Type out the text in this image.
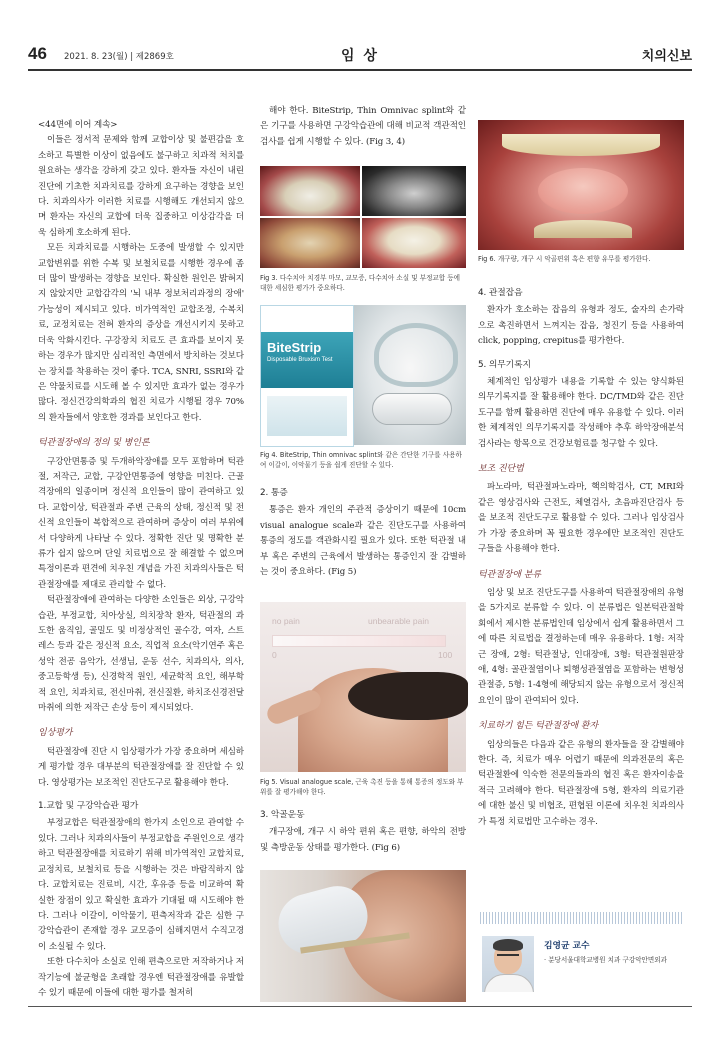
46 2021. 8. 23(월) | 제2869호	임 상	치의신보

<44면에 이어 계속>

이들은 정서적 문제와 함께 교합이상 및 불편감을 호소하고 특별한 이상이 없음에도 불구하고 치과적 처치를 원요하는 생각을 강하게 갖고 있다. 환자들 자신이 내린 진단에 기초한 치과치료를 강하게 요구하는 경향을 보인다. 치과의사가 이러한 치료를 시행해도 개선되지 않으며 환자는 자신의 교합에 더욱 집중하고 이상감각을 더욱 심하게 호소하게 된다.

모든 치과치료를 시행하는 도중에 발생할 수 있지만 교합변위를 위한 수복 및 보철치료를 시행한 경우에 좀 더 많이 발생하는 경향을 보인다. 확실한 원인은 밝혀지지 않았지만 교합감각의 '뇌 내부 정보처리과정의 장애' 가능성이 제시되고 있다. 비가역적인 교합조정, 수복치료, 교정치료는 전혀 환자의 증상을 개선시키지 못하고 더욱 악화시킨다. 구강장치 치료도 큰 효과를 보이지 못하는 경우가 많지만 심리적인 측면에서 방치하는 것보다는 장치를 착용하는 것이 좋다. TCA, SNRI, SSRI와 같은 약물치료를 시도해 볼 수 있지만 효과가 없는 경우가 많다. 정신건강의학과의 협진 치료가 시행될 경우 70%의 환자들에서 양호한 경과를 보인다고 한다.

턱관절장애의 정의 및 병인론

구강안면통증 및 두개하악장애를 모두 포함하며 턱관절, 저작근, 교합, 구강안면통증에 영향을 미친다. 근골격장애의 일종이며 정신적 요인들이 많이 관여하고 있다. 교합이상, 턱관절과 주변 근육의 상태, 정신적 및 전신적 요인들이 복합적으로 관여하며 증상이 여러 부위에서 다양하게 나타날 수 있다. 정확한 진단 및 명확한 분류가 쉽지 않으며 단일 치료법으로 잘 해결할 수 없으며 특정이론과 편견에 치우친 개념을 가진 치과의사들은 턱관절장애를 제대로 관리할 수 없다.

턱관절장애에 관여하는 다양한 소인들은 외상, 구강악습관, 부정교합, 치아상실, 의치장착 환자, 턱관절의 과도한 움직임, 골밀도 및 비정상적인 골수강, 여자, 스트레스 등과 같은 정신적 요소, 직업적 요소(악기연주 혹은 성악 전공 음악가, 선생님, 운동 선수, 치과의사, 의사, 중고등학생 등), 신경학적 원인, 세균학적 요인, 해부학적 요인, 치과치료, 전신마취, 전신질환, 하치조신경전달마취에 의한 저작근 손상 등이 제시되었다.

임상평가

턱관절장애 진단 시 임상평가가 가장 중요하며 세심하게 평가할 경우 대부분의 턱관절장애를 잘 진단할 수 있다. 영상평가는 보조적인 진단도구로 활용해야 한다.

1.교합 및 구강악습관 평가

부정교합은 턱관절장애의 한가지 소인으로 관여할 수 있다. 그러나 치과의사들이 부정교합을 주원인으로 생각하고 턱관절장애를 치료하기 위해 비가역적인 교합치료, 교정치료, 보철치료 등을 시행하는 것은 바람직하지 않다. 교합치료는 진료비, 시간, 후유증 등을 비교하여 확실한 장점이 있고 확실한 효과가 기대될 때 시도해야 한다. 그러나 이갈이, 이악물기, 편측저작과 같은 심한 구강악습관이 존재할 경우 교모증이 심해지면서 수직고경이 소실될 수 있다.

또한 다수치아 소실로 인해 편측으로만 저작하거나 저작기능에 불균형을 초래할 경우엔 턱관절장애를 유발할 수 있기 때문에 이들에 대한 평가를 철저히

해야 한다. BiteStrip, Thin Omnivac splint와 같은 기구를 사용하면 구강악습관에 대해 비교적 객관적인 검사를 쉽게 시행할 수 있다. (Fig 3, 4)

Fig 3. 다수치아 치경부 마모, 교모증, 다수치아 소실 및 부정교합 등에 대한 세심한 평가가 중요하다.
BiteStrip
Disposable Bruxism Test
Fig 4. BiteStrip, Thin omnivac splint와 같은 간단한 기구를 사용하여 이갈이, 이악물기 등을 쉽게 진단할 수 있다.
2. 통증

통증은 환자 개인의 주관적 증상이기 때문에 10cm visual analogue scale과 같은 진단도구를 사용하여 통증의 정도를 객관화시킬 필요가 있다. 또한 턱관절 내부 혹은 주변의 근육에서 발생하는 통증인지 잘 감별하는 것이 중요하다. (Fig 5)

no pain	unbearable pain
0	100
Fig 5. Visual analogue scale, 근육 촉진 등을 통해 통증의 정도와 부위를 잘 평가해야 한다.
3. 악골운동

개구장애, 개구 시 하악 편위 혹은 편향, 하악의 전방 및 측방운동 상태를 평가한다. (Fig 6)

Fig 6. 개구량, 개구 시 악골편위 혹은 편향 유무를 평가한다.
4. 관절잡음

환자가 호소하는 잡음의 유형과 정도, 술자의 손가락으로 촉진하면서 느껴지는 잡음, 청진기 등을 사용하여 click, popping, crepitus를 평가한다.

5. 의무기록지

체계적인 임상평가 내용을 기록할 수 있는 양식화된 의무기록지를 잘 활용해야 한다. DC/TMD와 같은 진단도구를 함께 활용하면 진단에 매우 유용할 수 있다. 이러한 체계적인 의무기록지를 작성해야 추후 하악장애분석검사라는 항목으로 건강보험료를 청구할 수 있다.

보조 진단법

파노라마, 턱관절파노라마, 핵의학검사, CT, MRI와 같은 영상검사와 근전도, 체열검사, 초음파진단검사 등을 보조적 진단도구로 활용할 수 있다. 그러나 임상검사가 가장 중요하며 꼭 필요한 경우에만 보조적인 진단도구들을 사용해야 한다.

턱관절장애 분류

임상 및 보조 진단도구를 사용하여 턱관절장애의 유형을 5가지로 분류할 수 있다. 이 분류법은 일본턱관절학회에서 제시한 분류법인데 임상에서 쉽게 활용하면서 그에 따른 치료법을 결정하는데 매우 유용하다. 1형: 저작근 장애, 2형: 턱관절낭, 인대장애, 3형: 턱관절원판장애, 4형: 골관절염이나 퇴행성관절염을 포함하는 변형성 관절증, 5형: 1-4형에 해당되지 않는 유형으로서 정신적 요인이 많이 관여되어 있다.

치료하기 힘든 턱관절장애 환자

임상의들은 다음과 같은 유형의 환자들을 잘 감별해야 한다. 즉, 치료가 매우 어렵기 때문에 의과전문의 혹은 턱관절환에 익숙한 전문의들과의 협진 혹은 환자이송을 적극 고려해야 한다. 턱관절장애 5형, 환자의 의료기관에 대한 불신 및 비협조, 편협된 이론에 치우친 치과의사가 특정 치료법만 고수하는 경우.

김영균 교수
· 분당서울대학교병원 치과 구강악안면외과
